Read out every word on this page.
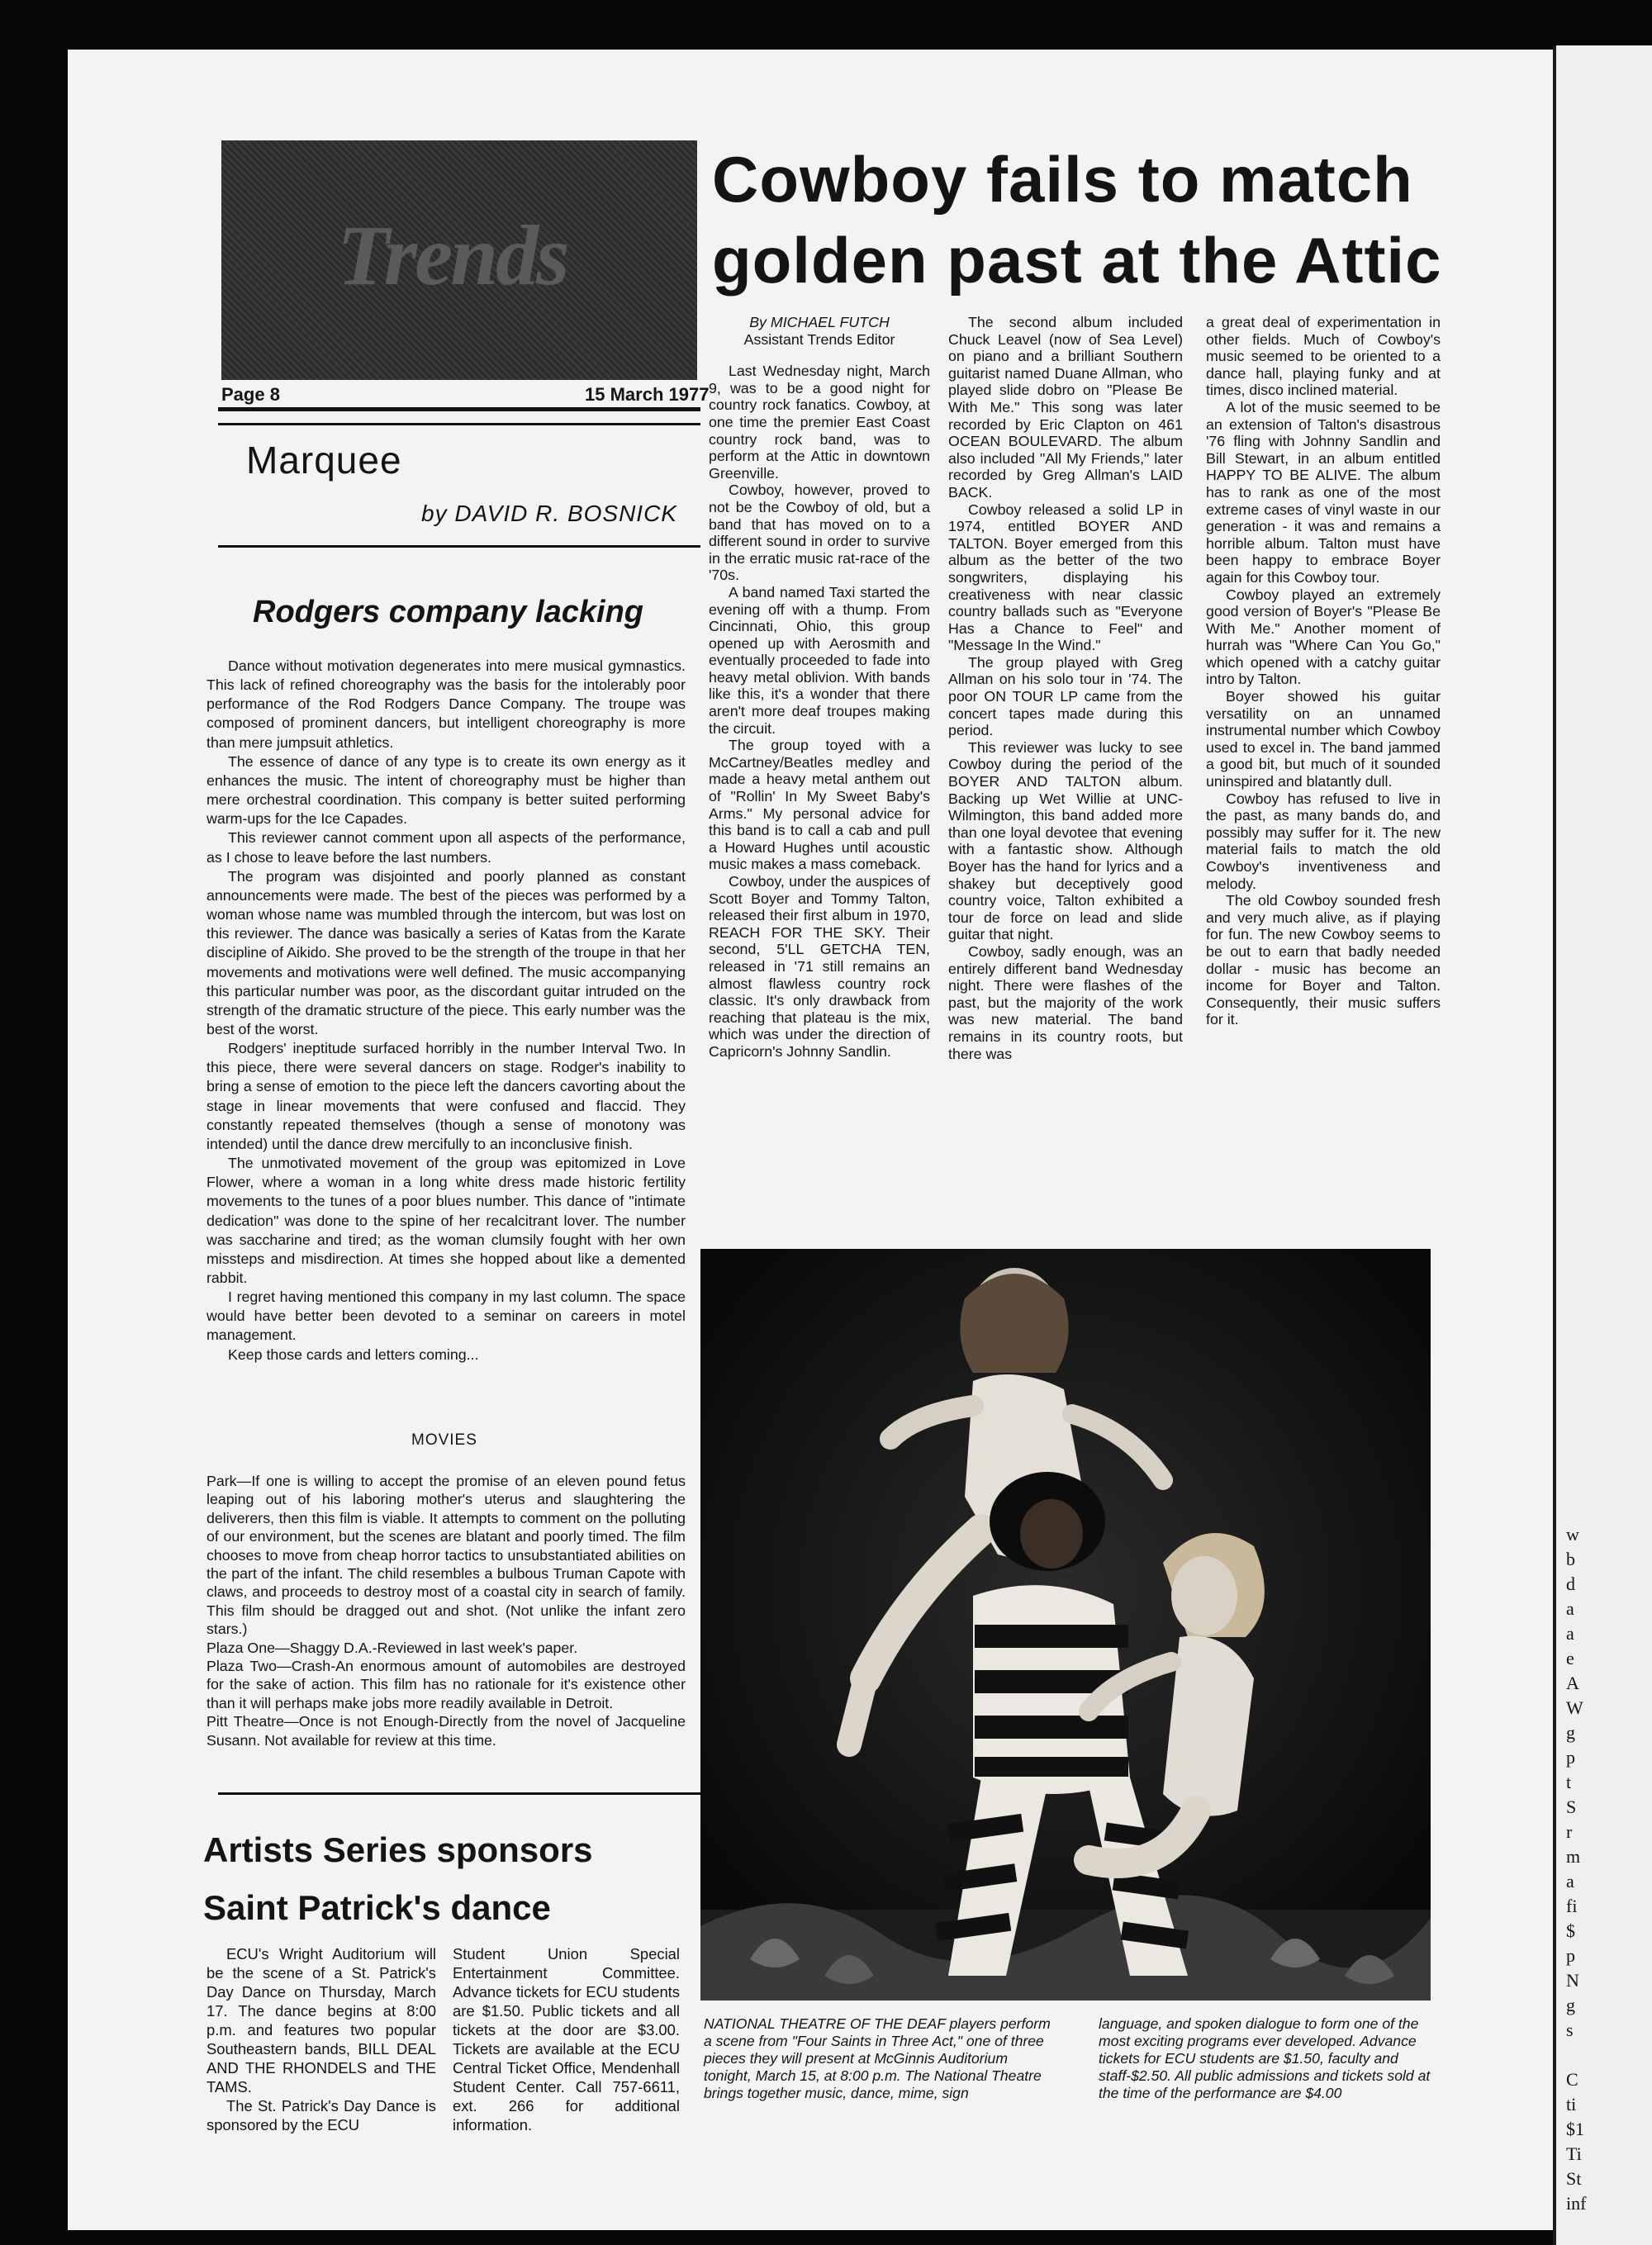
w
b
d
a
a
e
A
W
g
p
t
S
r
m
a
fi
$
p
N
g
s
C
ti
$1
Ti
St
inf
Trends
Page 8	15 March 1977
Marquee
by DAVID R. BOSNICK
Rodgers company lacking

Dance without motivation degenerates into mere musical gymnastics. This lack of refined choreography was the basis for the intolerably poor performance of the Rod Rodgers Dance Company. The troupe was composed of prominent dancers, but intelligent choreography is more than mere jumpsuit athletics.

The essence of dance of any type is to create its own energy as it enhances the music. The intent of choreography must be higher than mere orchestral coordination. This company is better suited performing warm-ups for the Ice Capades.

This reviewer cannot comment upon all aspects of the performance, as I chose to leave before the last numbers.

The program was disjointed and poorly planned as constant announcements were made. The best of the pieces was performed by a woman whose name was mumbled through the intercom, but was lost on this reviewer. The dance was basically a series of Katas from the Karate discipline of Aikido. She proved to be the strength of the troupe in that her movements and motivations were well defined. The music accompanying this particular number was poor, as the discordant guitar intruded on the strength of the dramatic structure of the piece. This early number was the best of the worst.

Rodgers' ineptitude surfaced horribly in the number Interval Two. In this piece, there were several dancers on stage. Rodger's inability to bring a sense of emotion to the piece left the dancers cavorting about the stage in linear movements that were confused and flaccid. They constantly repeated themselves (though a sense of monotony was intended) until the dance drew mercifully to an inconclusive finish.

The unmotivated movement of the group was epitomized in Love Flower, where a woman in a long white dress made historic fertility movements to the tunes of a poor blues number. This dance of "intimate dedication" was done to the spine of her recalcitrant lover. The number was saccharine and tired; as the woman clumsily fought with her own missteps and misdirection. At times she hopped about like a demented rabbit.

I regret having mentioned this company in my last column. The space would have better been devoted to a seminar on careers in motel management.

Keep those cards and letters coming...

MOVIES

Park—If one is willing to accept the promise of an eleven pound fetus leaping out of his laboring mother's uterus and slaughtering the deliverers, then this film is viable. It attempts to comment on the polluting of our environment, but the scenes are blatant and poorly timed. The film chooses to move from cheap horror tactics to unsubstantiated abilities on the part of the infant. The child resembles a bulbous Truman Capote with claws, and proceeds to destroy most of a coastal city in search of family. This film should be dragged out and shot. (Not unlike the infant zero stars.)

Plaza One—Shaggy D.A.-Reviewed in last week's paper.

Plaza Two—Crash-An enormous amount of automobiles are destroyed for the sake of action. This film has no rationale for it's existence other than it will perhaps make jobs more readily available in Detroit.

Pitt Theatre—Once is not Enough-Directly from the novel of Jacqueline Susann. Not available for review at this time.

Artists Series sponsors
Saint Patrick's dance

ECU's Wright Auditorium will be the scene of a St. Patrick's Day Dance on Thursday, March 17. The dance begins at 8:00 p.m. and features two popular Southeastern bands, BILL DEAL AND THE RHONDELS and THE TAMS.

The St. Patrick's Day Dance is sponsored by the ECU

Student Union Special Entertainment Committee. Advance tickets for ECU students are $1.50. Public tickets and all tickets at the door are $3.00. Tickets are available at the ECU Central Ticket Office, Mendenhall Student Center. Call 757-6611, ext. 266 for additional information.

Cowboy fails to match
golden past at the Attic

By MICHAEL FUTCH

Assistant Trends Editor

Last Wednesday night, March 9, was to be a good night for country rock fanatics. Cowboy, at one time the premier East Coast country rock band, was to perform at the Attic in downtown Greenville.

Cowboy, however, proved to not be the Cowboy of old, but a band that has moved on to a different sound in order to survive in the erratic music rat-race of the '70s.

A band named Taxi started the evening off with a thump. From Cincinnati, Ohio, this group opened up with Aerosmith and eventually proceeded to fade into heavy metal oblivion. With bands like this, it's a wonder that there aren't more deaf troupes making the circuit.

The group toyed with a McCartney/Beatles medley and made a heavy metal anthem out of "Rollin' In My Sweet Baby's Arms." My personal advice for this band is to call a cab and pull a Howard Hughes until acoustic music makes a mass comeback.

Cowboy, under the auspices of Scott Boyer and Tommy Talton, released their first album in 1970, REACH FOR THE SKY. Their second, 5'LL GETCHA TEN, released in '71 still remains an almost flawless country rock classic. It's only drawback from reaching that plateau is the mix, which was under the direction of Capricorn's Johnny Sandlin.

The second album included Chuck Leavel (now of Sea Level) on piano and a brilliant Southern guitarist named Duane Allman, who played slide dobro on "Please Be With Me." This song was later recorded by Eric Clapton on 461 OCEAN BOULEVARD. The album also included "All My Friends," later recorded by Greg Allman's LAID BACK.

Cowboy released a solid LP in 1974, entitled BOYER AND TALTON. Boyer emerged from this album as the better of the two songwriters, displaying his creativeness with near classic country ballads such as "Everyone Has a Chance to Feel" and "Message In the Wind."

The group played with Greg Allman on his solo tour in '74. The poor ON TOUR LP came from the concert tapes made during this period.

This reviewer was lucky to see Cowboy during the period of the BOYER AND TALTON album. Backing up Wet Willie at UNC-Wilmington, this band added more than one loyal devotee that evening with a fantastic show. Although Boyer has the hand for lyrics and a shakey but deceptively good country voice, Talton exhibited a tour de force on lead and slide guitar that night.

Cowboy, sadly enough, was an entirely different band Wednesday night. There were flashes of the past, but the majority of the work was new material. The band remains in its country roots, but there was

a great deal of experimentation in other fields. Much of Cowboy's music seemed to be oriented to a dance hall, playing funky and at times, disco inclined material.

A lot of the music seemed to be an extension of Talton's disastrous '76 fling with Johnny Sandlin and Bill Stewart, in an album entitled HAPPY TO BE ALIVE. The album has to rank as one of the most extreme cases of vinyl waste in our generation - it was and remains a horrible album. Talton must have been happy to embrace Boyer again for this Cowboy tour.

Cowboy played an extremely good version of Boyer's "Please Be With Me." Another moment of hurrah was "Where Can You Go," which opened with a catchy guitar intro by Talton.

Boyer showed his guitar versatility on an unnamed instrumental number which Cowboy used to excel in. The band jammed a good bit, but much of it sounded uninspired and blatantly dull.

Cowboy has refused to live in the past, as many bands do, and possibly may suffer for it. The new material fails to match the old Cowboy's inventiveness and melody.

The old Cowboy sounded fresh and very much alive, as if playing for fun. The new Cowboy seems to be out to earn that badly needed dollar - music has become an income for Boyer and Talton. Consequently, their music suffers for it.

NATIONAL THEATRE OF THE DEAF players perform a scene from "Four Saints in Three Act," one of three pieces they will present at McGinnis Auditorium tonight, March 15, at 8:00 p.m. The National Theatre brings together music, dance, mime, sign
language, and spoken dialogue to form one of the most exciting programs ever developed. Advance tickets for ECU students are $1.50, faculty and staff-$2.50. All public admissions and tickets sold at the time of the performance are $4.00
